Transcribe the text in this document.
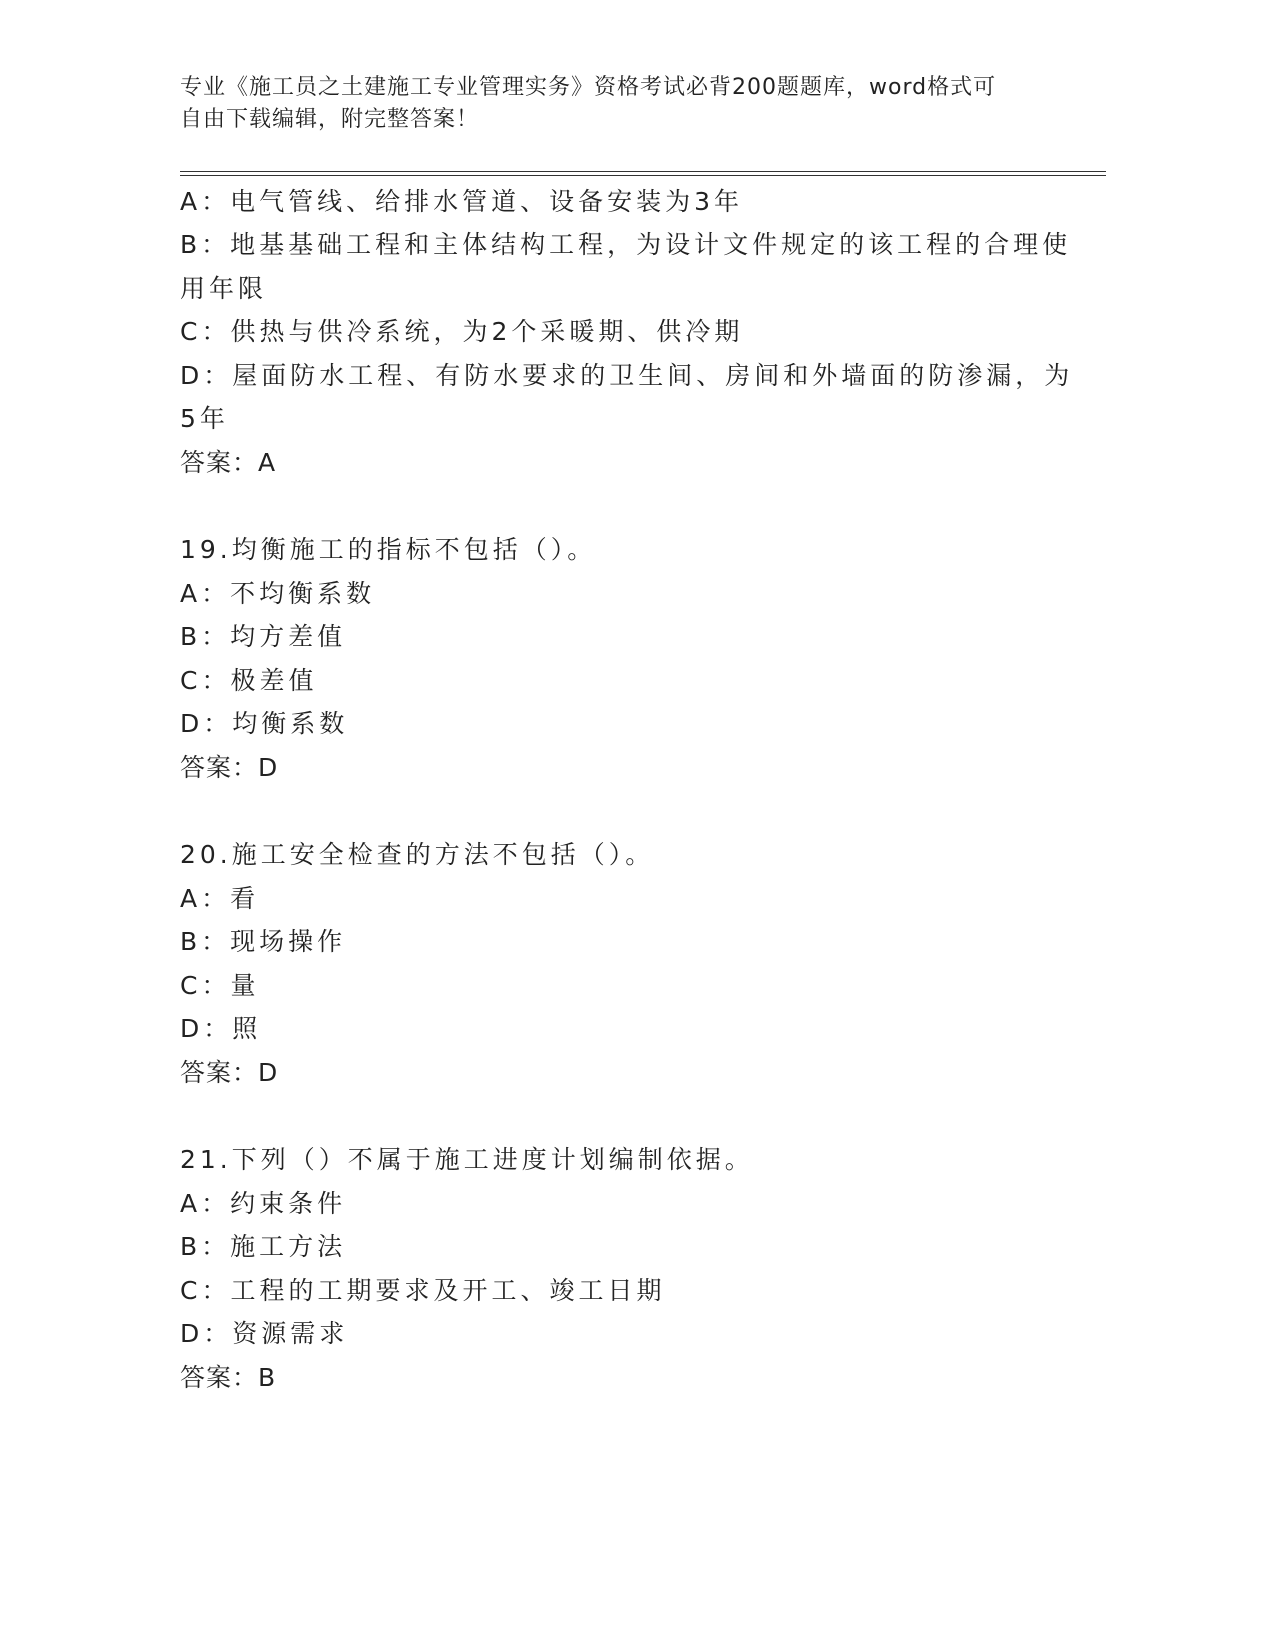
专业《施工员之土建施工专业管理实务》资格考试必背200题题库，word格式可
自由下载编辑，附完整答案！
A：电气管线、给排水管道、设备安装为3年
B：地基基础工程和主体结构工程，为设计文件规定的该工程的合理使
用年限
C：供热与供冷系统，为2个采暖期、供冷期
D：屋面防水工程、有防水要求的卫生间、房间和外墙面的防渗漏，为
5年
答案：A
19.均衡施工的指标不包括（）。
A：不均衡系数
B：均方差值
C：极差值
D：均衡系数
答案：D
20.施工安全检查的方法不包括（）。
A：看
B：现场操作
C：量
D：照
答案：D
21.下列（）不属于施工进度计划编制依据。
A：约束条件
B：施工方法
C：工程的工期要求及开工、竣工日期
D：资源需求
答案：B
